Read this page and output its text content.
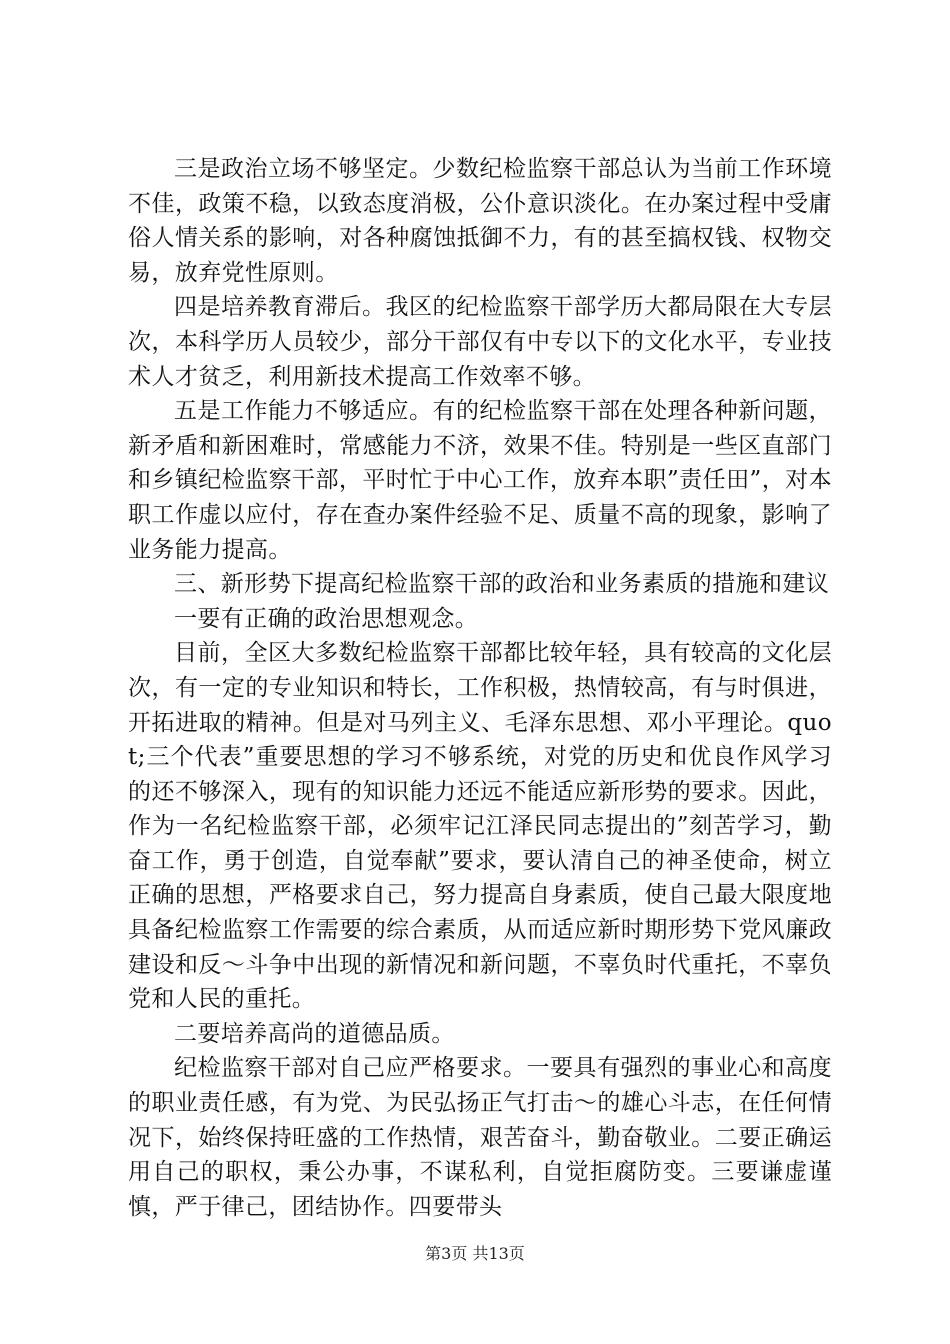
三是政治立场不够坚定。少数纪检监察干部总认为当前工作环境不佳，政策不稳，以致态度消极，公仆意识淡化。在办案过程中受庸俗人情关系的影响，对各种腐蚀抵御不力，有的甚至搞权钱、权物交易，放弃党性原则。

四是培养教育滞后。我区的纪检监察干部学历大都局限在大专层次，本科学历人员较少，部分干部仅有中专以下的文化水平，专业技术人才贫乏，利用新技术提高工作效率不够。

五是工作能力不够适应。有的纪检监察干部在处理各种新问题，新矛盾和新困难时，常感能力不济，效果不佳。特别是一些区直部门和乡镇纪检监察干部，平时忙于中心工作，放弃本职”责任田”，对本职工作虚以应付，存在查办案件经验不足、质量不高的现象，影响了业务能力提高。

三、新形势下提高纪检监察干部的政治和业务素质的措施和建议

一要有正确的政治思想观念。

目前，全区大多数纪检监察干部都比较年轻，具有较高的文化层次，有一定的专业知识和特长，工作积极，热情较高，有与时俱进，开拓进取的精神。但是对马列主义、毛泽东思想、邓小平理论。quot;三个代表”重要思想的学习不够系统，对党的历史和优良作风学习的还不够深入，现有的知识能力还远不能适应新形势的要求。因此，作为一名纪检监察干部，必须牢记江泽民同志提出的”刻苦学习，勤奋工作，勇于创造，自觉奉献”要求，要认清自己的神圣使命，树立正确的思想，严格要求自己，努力提高自身素质，使自己最大限度地具备纪检监察工作需要的综合素质，从而适应新时期形势下党风廉政建设和反～斗争中出现的新情况和新问题，不辜负时代重托，不辜负党和人民的重托。

二要培养高尚的道德品质。

纪检监察干部对自己应严格要求。一要具有强烈的事业心和高度的职业责任感，有为党、为民弘扬正气打击～的雄心斗志，在任何情况下，始终保持旺盛的工作热情，艰苦奋斗，勤奋敬业。二要正确运用自己的职权，秉公办事，不谋私利，自觉拒腐防变。三要谦虚谨慎，严于律己，团结协作。四要带头

第3页 共13页
